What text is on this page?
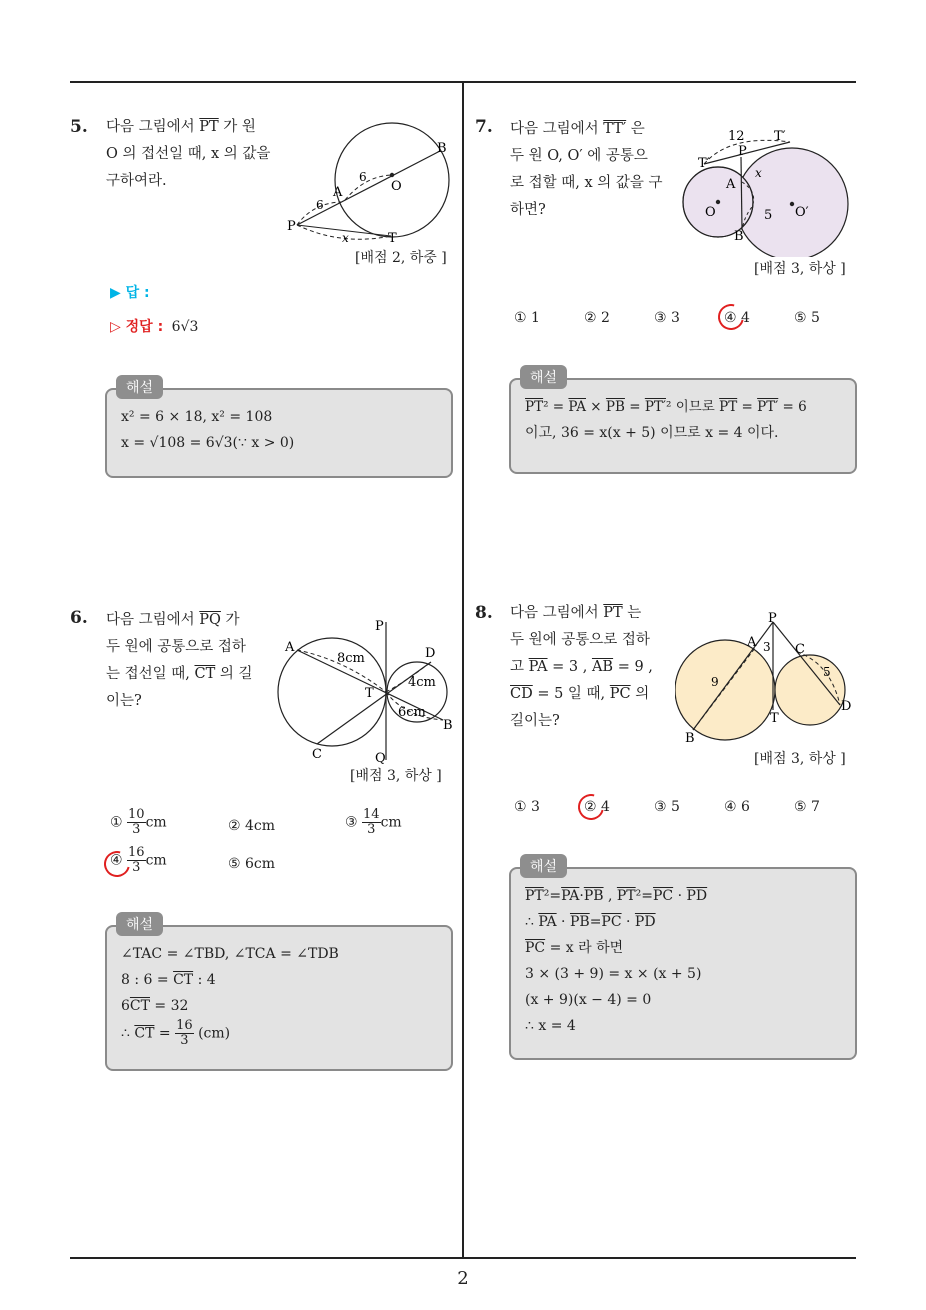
2
5. 다음 그림에서 $\overline{PT}$ 가 원
O 의 접선일 때, x 의 값을
구하여라.
P
A
B
O
T
6
6
x
[배점 2, 하중 ]
▶ 답 :
▷ 정답 : 6√3
x² = 6 × 18, x² = 108
x = √108 = 6√3(∵ x > 0)
해설
6. 다음 그림에서 $\overline{PQ}$ 가
두 원에 공통으로 접하
는 접선일 때, $\overline{CT}$ 의 길
이는?
A
B
C
D
P
Q
T
8cm
4cm
6cm
[배점 3, 하상 ]
① $\frac{10}{3}$ cm	② 4cm	③ $\frac{14}{3}$ cm
④ $\frac{16}{3}$ cm	⑤ 6cm
∠TAC = ∠TBD, ∠TCA = ∠TDB
8 : $6 = \overline{CT}$ : 4
$6\overline{CT} = 32$
∴ $\overline{CT} = \frac{16}{3} (cm)$
해설
7. 다음 그림에서 TT′ 은
두 원 O, O′ 에 공통으
로 접할 때, x 의 값을 구
하면?
12
T′
T′
P
A
x
O	O′
5
B
[배점 3, 하상 ]
① 1	② 2	③ 3	④ 4	⑤ 5
$\overline{PT}^2 = \overline{PA} \times \overline{PB} = PT'^2$ 이므로 $\overline{PT} = PT' = 6$
이고, 36 = x(x + 5) 이므로 x = 4 이다.
해설
8. 다음 그림에서 $\overline{PT}$ 는
두 원에 공통으로 접하
고 $\overline{PA} = 3$ , $\overline{AB} = 9$ ,
$\overline{CD} = 5$ 일 때, $\overline{PC}$ 의
길이는?
P
A 3 C
9
5
T
B
D
[배점 3, 하상 ]
① 3	② 4	③ 5	④ 6	⑤ 7
$\overline{PT}^2=\overline{PA}\cdot\overline{PB}$ , $\overline{PT}^2=\overline{PC} \cdot \overline{PD}$
∴ $\overline{PA} \cdot \overline{PB}=\overline{PC} \cdot \overline{PD}$
$\overline{PC} = x$ 라 하면
3 × (3 + 9) = x × (x + 5)
(x + 9)(x − 4) = 0
∴ x = 4
해설
